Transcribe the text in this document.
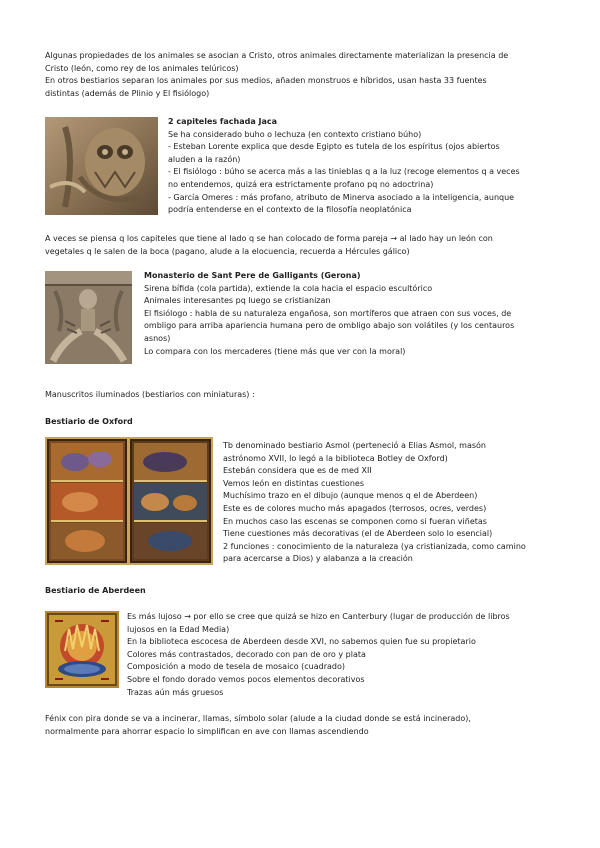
Algunas propiedades de los animales se asocian a Cristo, otros animales directamente materializan la presencia de
Cristo (león, como rey de los animales telúricos)
En otros bestiarios separan los animales por sus medios, añaden monstruos e híbridos, usan hasta 33 fuentes
distintas (además de Plinio y El fisiólogo)
2 capiteles fachada Jaca
Se ha considerado buho o lechuza (en contexto cristiano búho)
- Esteban Lorente explica que desde Egipto es tutela de los espíritus (ojos abiertos
aluden a la razón)
- El fisiólogo : búho se acerca más a las tinieblas q a la luz (recoge elementos q a veces
no entendemos, quizá era estrictamente profano pq no adoctrina)
- García Omeres : más profano, atributo de Minerva asociado a la inteligencia, aunque
podría entenderse en el contexto de la filosofía neoplatónica
A veces se piensa q los capiteles que tiene al lado q se han colocado de forma pareja → al lado hay un león con
vegetales q le salen de la boca (pagano, alude a la elocuencia, recuerda a Hércules gálico)
Monasterio de Sant Pere de Galligants (Gerona)
Sirena bífida (cola partida), extiende la cola hacia el espacio escultórico
Animales interesantes pq luego se cristianizan
El fisiólogo : habla de su naturaleza engañosa, son mortíferos que atraen con sus voces, de
ombligo para arriba apariencia humana pero de ombligo abajo son volátiles (y los centauros
asnos)
Lo compara con los mercaderes (tiene más que ver con la moral)
Manuscritos iluminados (bestiarios con miniaturas) :
Bestiario de Oxford
Tb denominado bestiario Asmol (perteneció a Elias Asmol, masón
astrónomo XVII, lo legó a la biblioteca Botley de Oxford)
Estebán considera que es de med XII
Vemos león en distintas cuestiones
Muchísimo trazo en el dibujo (aunque menos q el de Aberdeen)
Este es de colores mucho más apagados (terrosos, ocres, verdes)
En muchos caso las escenas se componen como si fueran viñetas
Tiene cuestiones más decorativas (el de Aberdeen solo lo esencial)
2 funciones : conocimiento de la naturaleza (ya cristianizada, como camino
para acercarse a Dios) y alabanza a la creación
Bestiario de Aberdeen
Es más lujoso → por ello se cree que quizá se hizo en Canterbury (lugar de producción de libros
lujosos en la Edad Media)
En la biblioteca escocesa de Aberdeen desde XVI, no sabemos quien fue su propietario
Colores más contrastados, decorado con pan de oro y plata
Composición a modo de tesela de mosaico (cuadrado)
Sobre el fondo dorado vemos pocos elementos decorativos
Trazas aún más gruesos
Fénix con pira donde se va a incinerar, llamas, símbolo solar (alude a la ciudad donde se está incinerado),
normalmente para ahorrar espacio lo simplifican en ave con llamas ascendiendo
